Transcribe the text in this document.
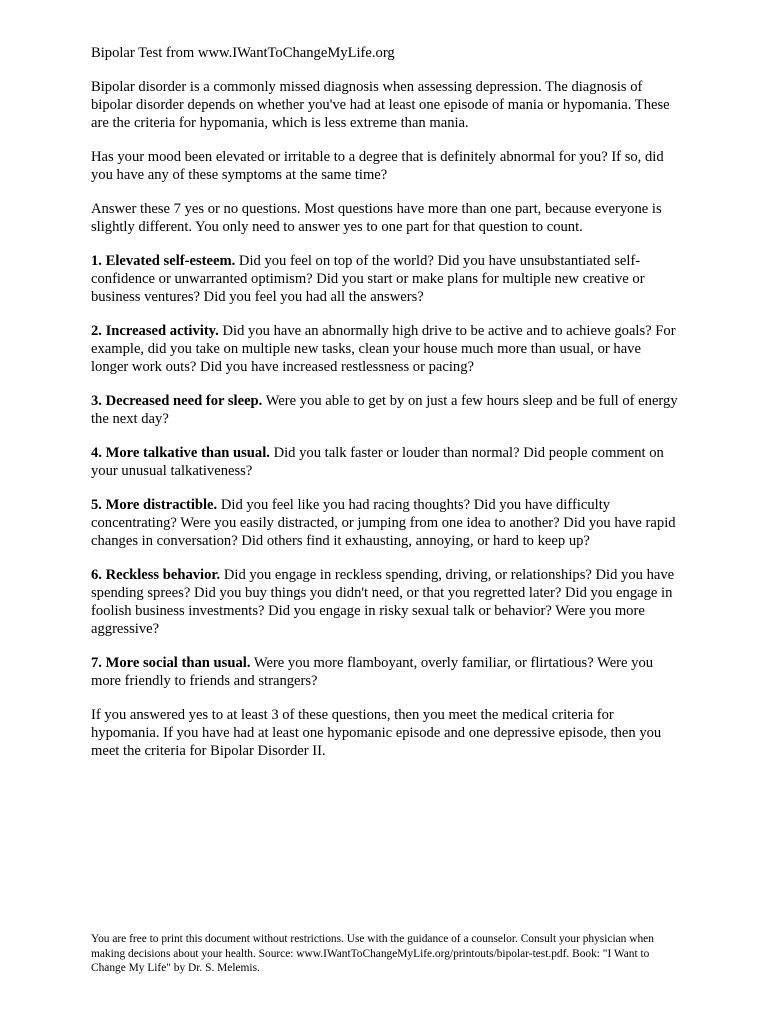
Bipolar Test from www.IWantToChangeMyLife.org

Bipolar disorder is a commonly missed diagnosis when assessing depression. The diagnosis of bipolar disorder depends on whether you've had at least one episode of mania or hypomania. These are the criteria for hypomania, which is less extreme than mania.

Has your mood been elevated or irritable to a degree that is definitely abnormal for you? If so, did you have any of these symptoms at the same time?

Answer these 7 yes or no questions. Most questions have more than one part, because everyone is slightly different. You only need to answer yes to one part for that question to count.

1. Elevated self-esteem. Did you feel on top of the world? Did you have unsubstantiated self-confidence or unwarranted optimism? Did you start or make plans for multiple new creative or business ventures? Did you feel you had all the answers?

2. Increased activity. Did you have an abnormally high drive to be active and to achieve goals? For example, did you take on multiple new tasks, clean your house much more than usual, or have longer work outs? Did you have increased restlessness or pacing?

3. Decreased need for sleep. Were you able to get by on just a few hours sleep and be full of energy the next day?

4. More talkative than usual. Did you talk faster or louder than normal? Did people comment on your unusual talkativeness?

5. More distractible. Did you feel like you had racing thoughts? Did you have difficulty concentrating? Were you easily distracted, or jumping from one idea to another? Did you have rapid changes in conversation? Did others find it exhausting, annoying, or hard to keep up?

6. Reckless behavior. Did you engage in reckless spending, driving, or relationships? Did you have spending sprees? Did you buy things you didn't need, or that you regretted later? Did you engage in foolish business investments? Did you engage in risky sexual talk or behavior? Were you more aggressive?

7. More social than usual. Were you more flamboyant, overly familiar, or flirtatious? Were you more friendly to friends and strangers?

If you answered yes to at least 3 of these questions, then you meet the medical criteria for hypomania. If you have had at least one hypomanic episode and one depressive episode, then you meet the criteria for Bipolar Disorder II.

You are free to print this document without restrictions. Use with the guidance of a counselor. Consult your physician when making decisions about your health. Source: www.IWantToChangeMyLife.org/printouts/bipolar-test.pdf. Book: "I Want to Change My Life" by Dr. S. Melemis.
